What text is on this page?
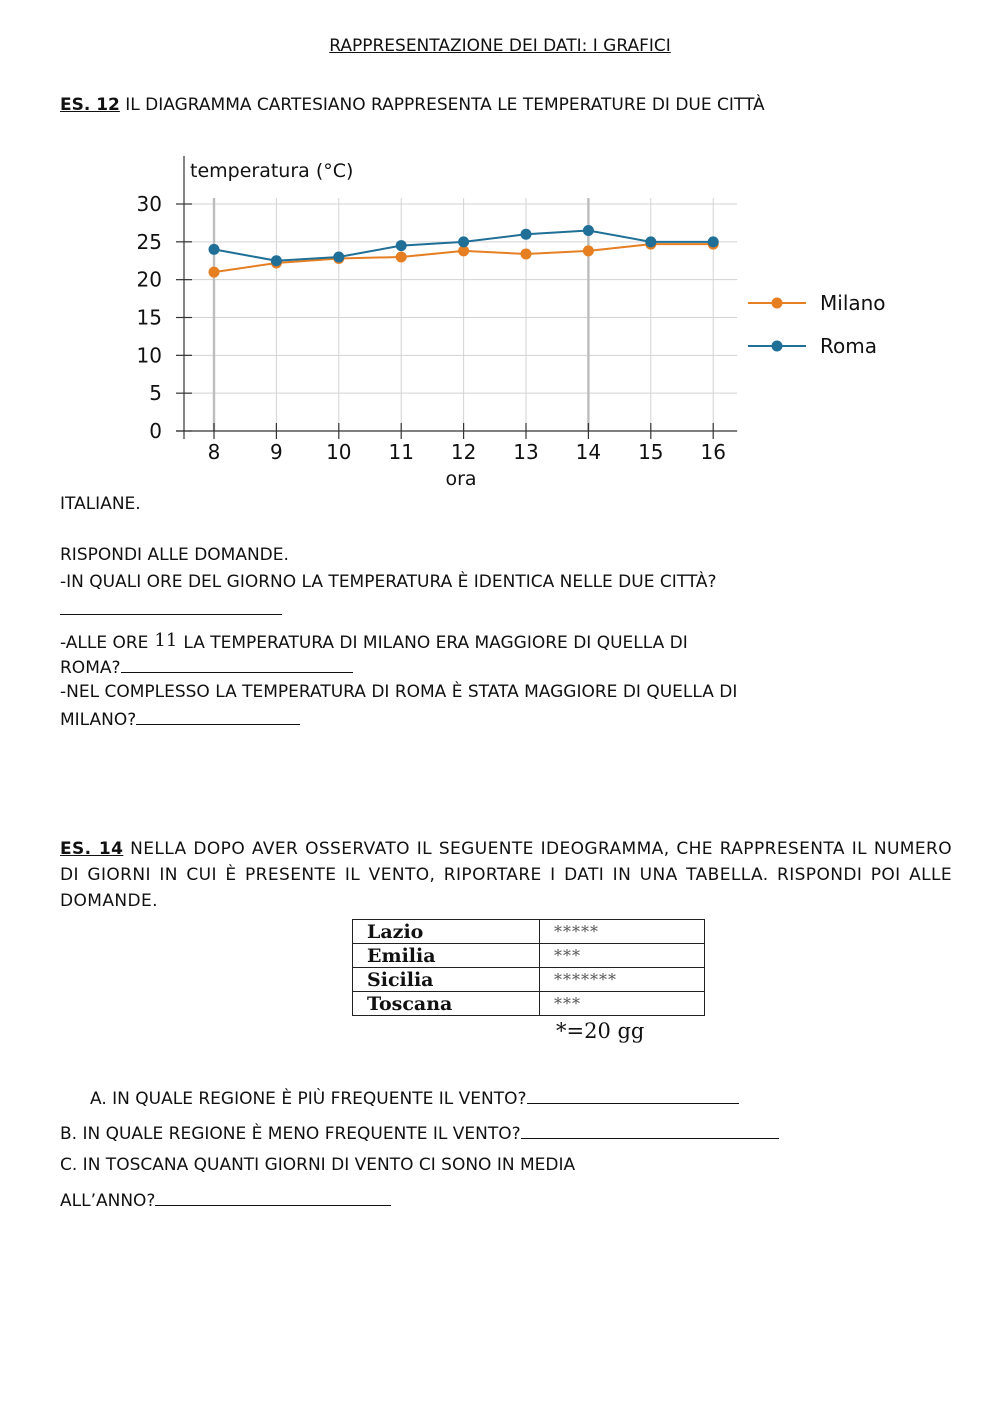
RAPPRESENTAZIONE DEI DATI: I GRAFICI
ES. 12 IL DIAGRAMMA CARTESIANO RAPPRESENTA LE TEMPERATURE DI DUE CITTÀ
0
5
10
15
20
25
30
8 9 10 11 12 13 14 15 16
Milano
Roma
temperatura (°C)
ora
ITALIANE.
RISPONDI ALLE DOMANDE.
-IN QUALI ORE DEL GIORNO LA TEMPERATURA È IDENTICA NELLE DUE CITTÀ?
-ALLE ORE 11 LA TEMPERATURA DI MILANO ERA MAGGIORE DI QUELLA DI
ROMA?
-NEL COMPLESSO LA TEMPERATURA DI ROMA È STATA MAGGIORE DI QUELLA DI
MILANO?
ES. 14 NELLA DOPO AVER OSSERVATO IL SEGUENTE IDEOGRAMMA, CHE RAPPRESENTA IL NUMERO DI GIORNI IN CUI È PRESENTE IL VENTO, RIPORTARE I DATI IN UNA TABELLA. RISPONDI POI ALLE DOMANDE.
Lazio	*****
Emilia	***
Sicilia	*******
Toscana	***
*=20 gg
A. IN QUALE REGIONE È PIÙ FREQUENTE IL VENTO?
B. IN QUALE REGIONE È MENO FREQUENTE IL VENTO?
C. IN TOSCANA QUANTI GIORNI DI VENTO CI SONO IN MEDIA
ALL’ANNO?
